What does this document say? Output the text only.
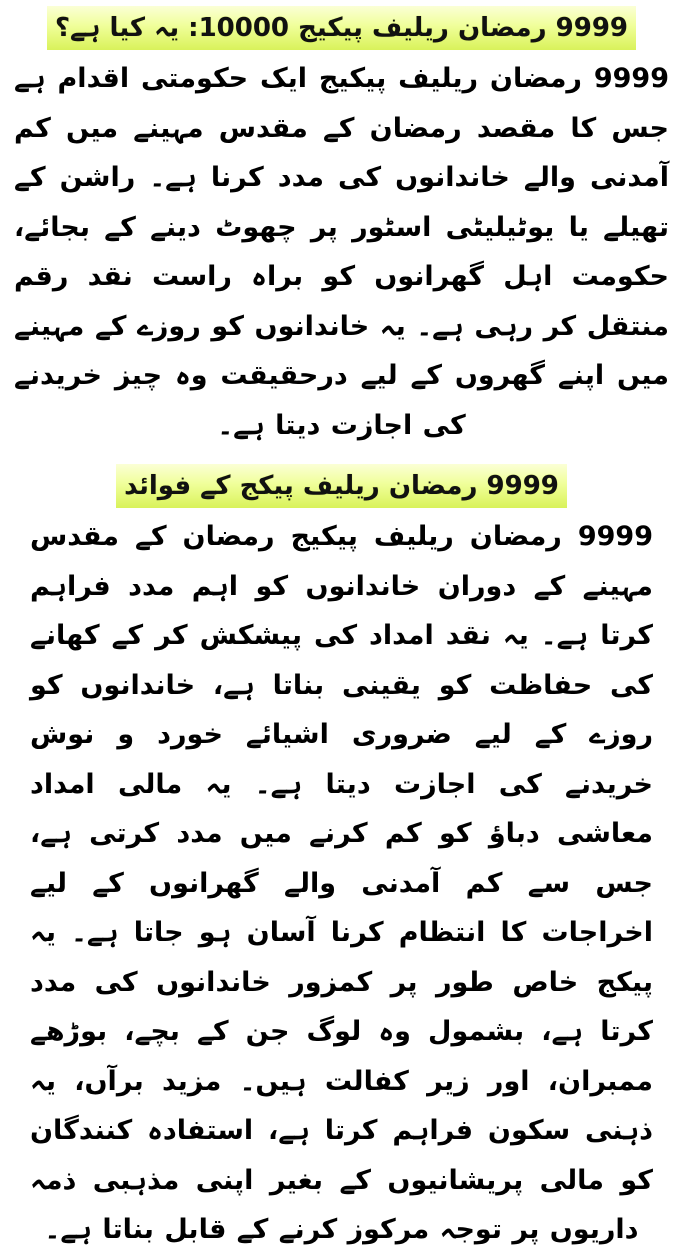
9999 رمضان ریلیف پیکیج 10000: یہ کیا ہے؟

9999 رمضان ریلیف پیکیج ایک حکومتی اقدام ہے جس کا مقصد رمضان کے مقدس مہینے میں کم آمدنی والے خاندانوں کی مدد کرنا ہے۔ راشن کے تھیلے یا یوٹیلیٹی اسٹور پر چھوٹ دینے کے بجائے، حکومت اہل گھرانوں کو براہ راست نقد رقم منتقل کر رہی ہے۔ یہ خاندانوں کو روزے کے مہینے میں اپنے گھروں کے لیے درحقیقت وہ چیز خریدنے کی اجازت دیتا ہے۔

9999 رمضان ریلیف پیکج کے فوائد

9999 رمضان ریلیف پیکیج رمضان کے مقدس مہینے کے دوران خاندانوں کو اہم مدد فراہم کرتا ہے۔ یہ نقد امداد کی پیشکش کر کے کھانے کی حفاظت کو یقینی بناتا ہے، خاندانوں کو روزے کے لیے ضروری اشیائے خورد و نوش خریدنے کی اجازت دیتا ہے۔ یہ مالی امداد معاشی دباؤ کو کم کرنے میں مدد کرتی ہے، جس سے کم آمدنی والے گھرانوں کے لیے اخراجات کا انتظام کرنا آسان ہو جاتا ہے۔ یہ پیکج خاص طور پر کمزور خاندانوں کی مدد کرتا ہے، بشمول وہ لوگ جن کے بچے، بوڑھے ممبران، اور زیر کفالت ہیں۔ مزید برآں، یہ ذہنی سکون فراہم کرتا ہے، استفادہ کنندگان کو مالی پریشانیوں کے بغیر اپنی مذہبی ذمہ داریوں پر توجہ مرکوز کرنے کے قابل بناتا ہے۔
